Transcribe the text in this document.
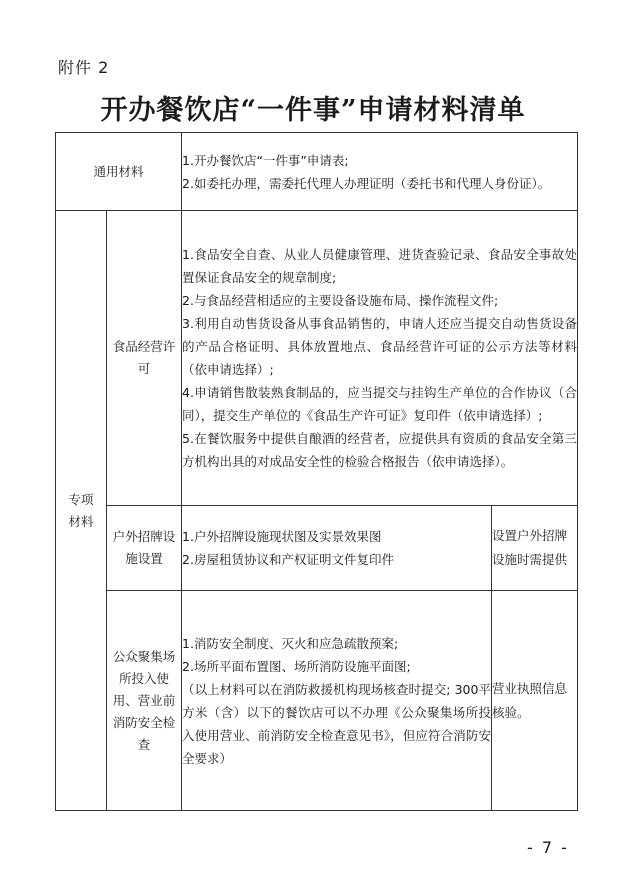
附件 2
开办餐饮店“一件事”申请材料清单
通用材料		1.开办餐饮店“一件事”申请表;
2.如委托办理，需委托代理人办理证明（委托书和代理人身份证）。	

专项材料	食品经营许可	1.食品安全自查、从业人员健康管理、进货查验记录、食品安全事故处置保证食品安全的规章制度;
2.与食品经营相适应的主要设备设施布局、操作流程文件;
3.利用自动售货设备从事食品销售的，申请人还应当提交自动售货设备的产品合格证明、具体放置地点、食品经营许可证的公示方法等材料（依申请选择）;
4.申请销售散装熟食制品的，应当提交与挂钩生产单位的合作协议（合同），提交生产单位的《食品生产许可证》复印件（依申请选择）;
5.在餐饮服务中提供自酿酒的经营者，应提供具有资质的食品安全第三方机构出具的对成品安全性的检验合格报告（依申请选择）。	

	户外招牌设施设置	1.户外招牌设施现状图及实景效果图
2.房屋租赁协议和产权证明文件复印件	设置户外招牌设施时需提供
	公众聚集场所投入使用、营业前消防安全检查	1.消防安全制度、灭火和应急疏散预案;
2.场所平面布置图、场所消防设施平面图;
（以上材料可以在消防救援机构现场核查时提交; 300平方米（含）以下的餐饮店可以不办理《公众聚集场所投入使用营业、前消防安全检查意见书》，但应符合消防安全要求）	营业执照信息核验。
- 7 -
